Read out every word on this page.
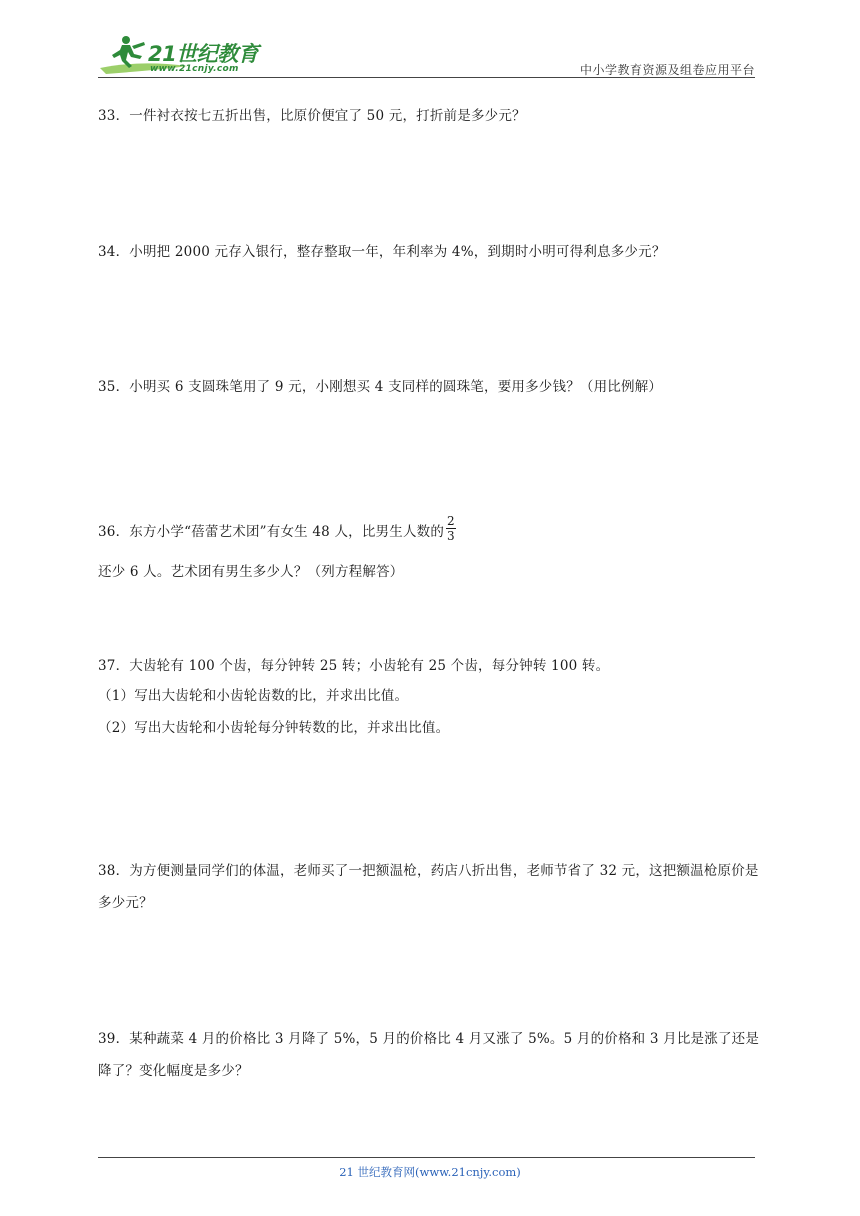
21世纪教育
www.21cnjy.com	中小学教育资源及组卷应用平台

33．一件衬衣按七五折出售，比原价便宜了 50 元，打折前是多少元？

34．小明把 2000 元存入银行，整存整取一年，年利率为 4%，到期时小明可得利息多少元？

35．小明买 6 支圆珠笔用了 9 元，小刚想买 4 支同样的圆珠笔，要用多少钱？（用比例解）

36．东方小学“蓓蕾艺术团”有女生 48 人，比男生人数的 $\frac{2}{3}$
还少 6 人。艺术团有男生多少人？（列方程解答）

37．大齿轮有 100 个齿，每分钟转 25 转；小齿轮有 25 个齿，每分钟转 100 转。

（1）写出大齿轮和小齿轮齿数的比，并求出比值。

（2）写出大齿轮和小齿轮每分钟转数的比，并求出比值。

38．为方便测量同学们的体温，老师买了一把额温枪，药店八折出售，老师节省了 32 元，这把额温枪原价是多少元？

39．某种蔬菜 4 月的价格比 3 月降了 5%，5 月的价格比 4 月又涨了 5%。5 月的价格和 3 月比是涨了还是降了？变化幅度是多少？

21 世纪教育网(www.21cnjy.com)
